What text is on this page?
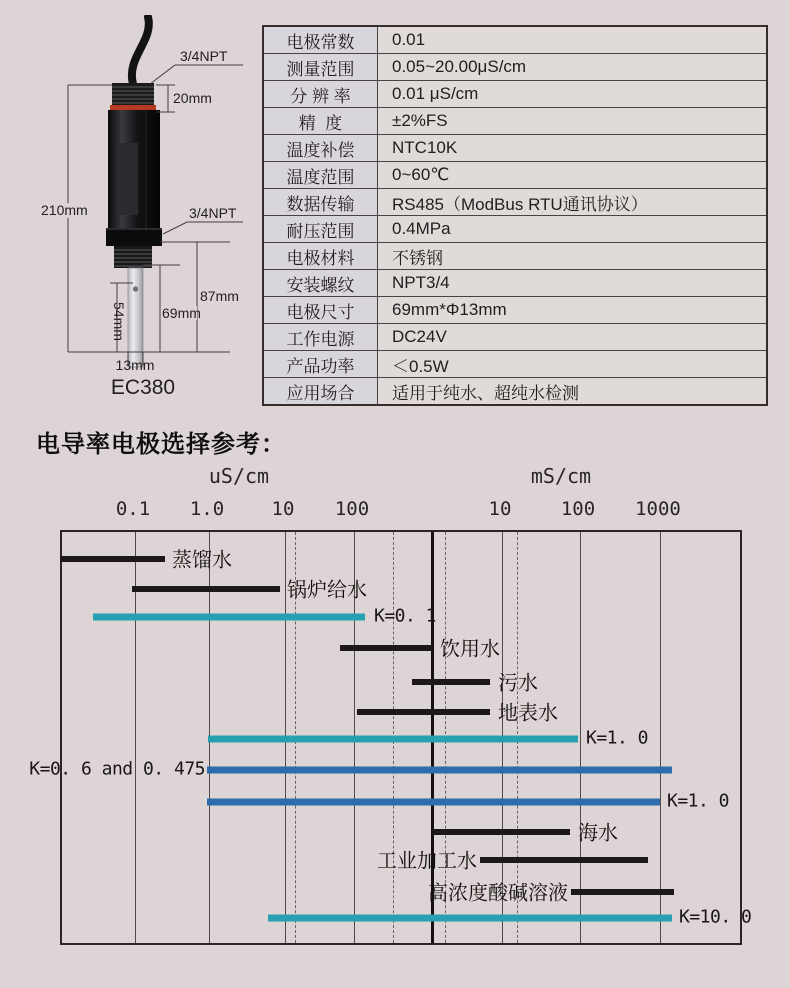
3/4NPT
20mm
210mm	3/4NPT
87mm
69mm
54mm
13mm
EC380
电极常数	0.01
测量范围	0.05~20.00μS/cm
分 辨 率	0.01 μS/cm
精  度	±2%FS
温度补偿	NTC10K
温度范围	0~60℃
数据传输	RS485（ModBus RTU通讯协议）
耐压范围	0.4MPa
电极材料	不锈钢
安装螺纹	NPT3/4
电极尺寸	69mm*Φ13mm
工作电源	DC24V
产品功率	＜0.5W
应用场合	适用于纯水、超纯水检测
电导率电极选择参考：
uS/cm	mS/cm
0.1 1.0 10 100	10	100 1000
蒸馏水
锅炉给水
K=0. 1
饮用水
污水
地表水
K=1. 0
K=0. 6 and 0. 475
K=1. 0
海水
工业加工水
高浓度酸碱溶液
K=10. 0
